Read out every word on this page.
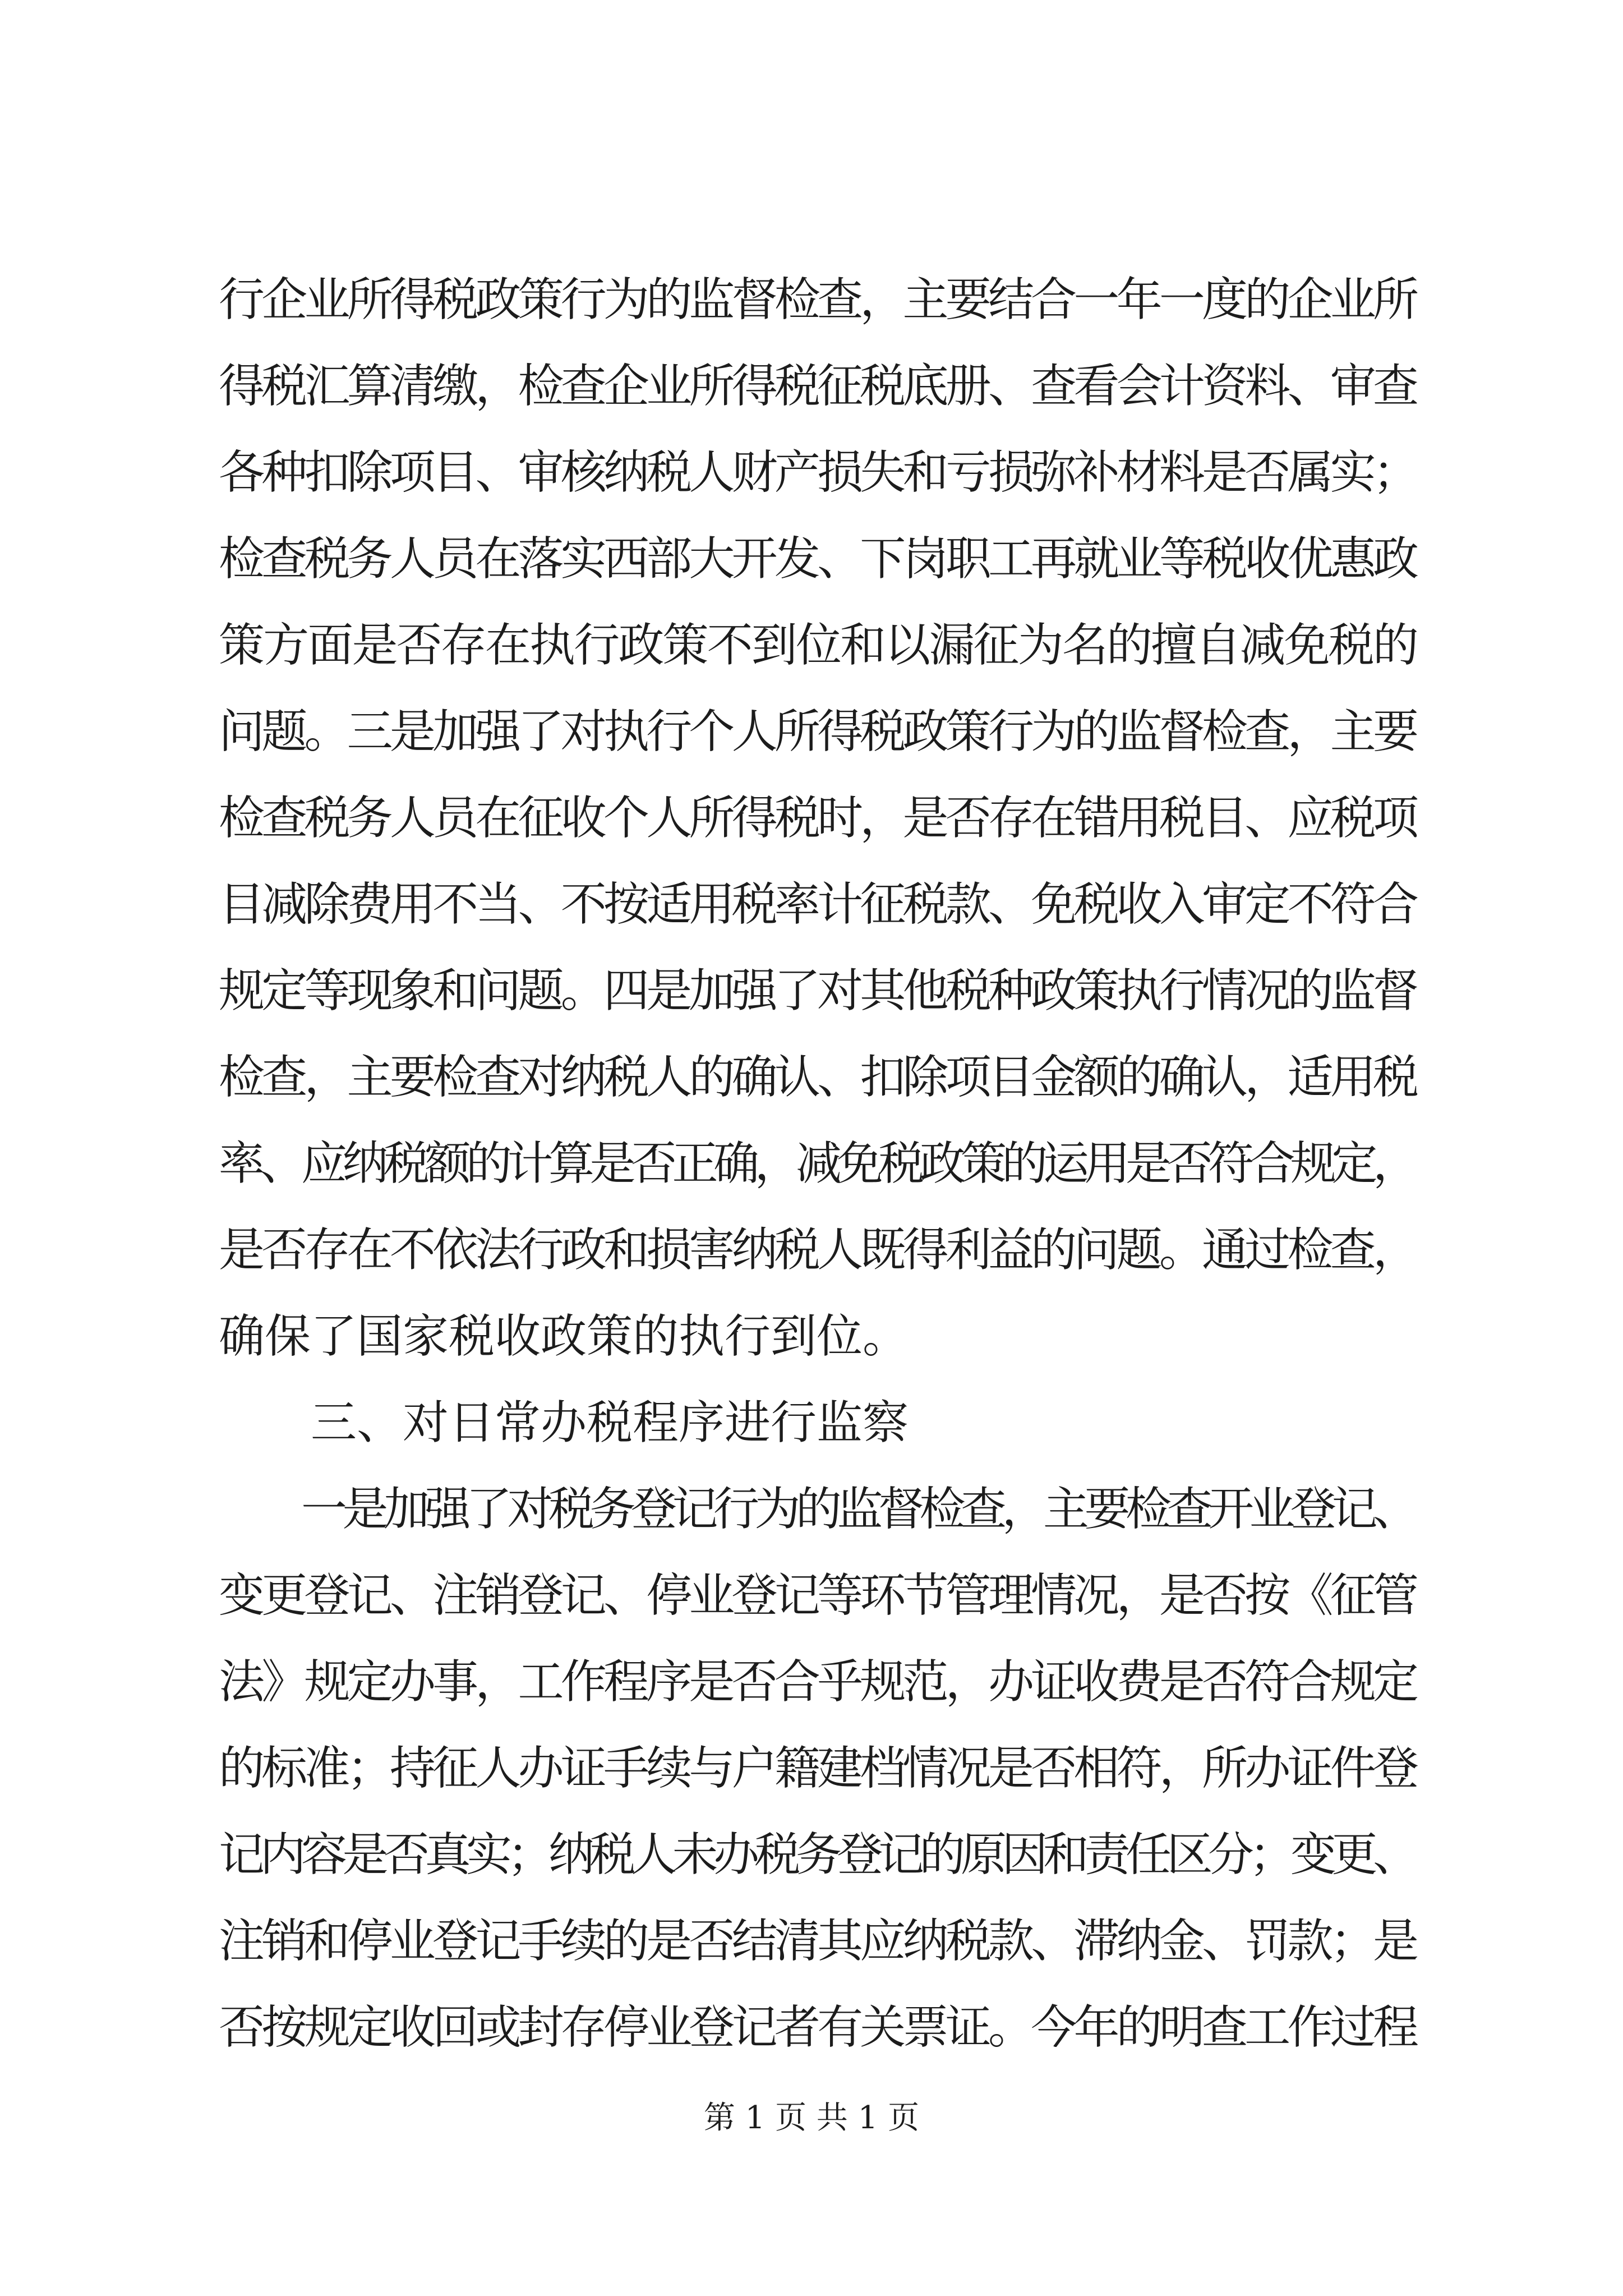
行企业所得税政策行为的监督检查，主要结合一年一度的企业所
得税汇算清缴，检查企业所得税征税底册、查看会计资料、审查
各种扣除项目、审核纳税人财产损失和亏损弥补材料是否属实；
检查税务人员在落实西部大开发、下岗职工再就业等税收优惠政
策方面是否存在执行政策不到位和以漏征为名的擅自减免税的
问题。三是加强了对执行个人所得税政策行为的监督检查，主要
检查税务人员在征收个人所得税时，是否存在错用税目、应税项
目减除费用不当、不按适用税率计征税款、免税收入审定不符合
规定等现象和问题。四是加强了对其他税种政策执行情况的监督
检查，主要检查对纳税人的确认、扣除项目金额的确认，适用税
率、应纳税额的计算是否正确，减免税政策的运用是否符合规定，
是否存在不依法行政和损害纳税人既得利益的问题。通过检查，
确保了国家税收政策的执行到位。
　　三、对日常办税程序进行监察
　　一是加强了对税务登记行为的监督检查，主要检查开业登记、
变更登记、注销登记、停业登记等环节管理情况，是否按《征管
法》规定办事，工作程序是否合乎规范，办证收费是否符合规定
的标准；持征人办证手续与户籍建档情况是否相符，所办证件登
记内容是否真实；纳税人未办税务登记的原因和责任区分；变更、
注销和停业登记手续的是否结清其应纳税款、滞纳金、罚款；是
否按规定收回或封存停业登记者有关票证。今年的明查工作过程
第 1 页 共 1 页
